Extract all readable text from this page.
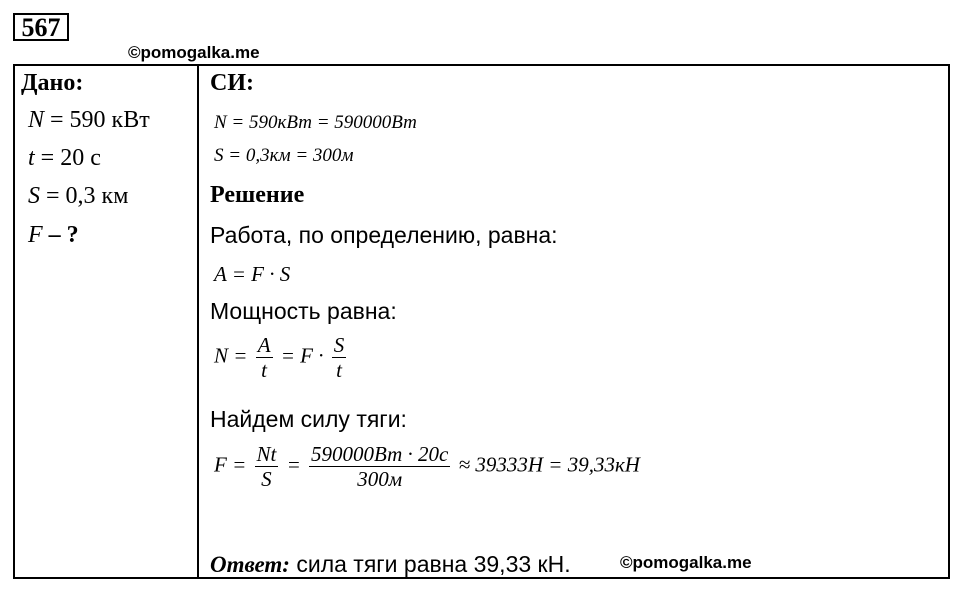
567
©pomogalka.me
Дано:
N = 590 кВт
t = 20 с
S = 0,3 км
F – ?
СИ:
N = 590кВт = 590000Вт
S = 0,3км = 300м
Решение
Работа, по определению, равна:
A = F · S
Мощность равна:
$N = \frac{A}{t} = F \cdot \frac{S}{t}$
Найдем силу тяги:
$F = \frac{Nt}{S} = \frac{590000Вт \cdot 20с}{300м} \approx 39333Н = 39,33кН$
Ответ: сила тяги равна 39,33 кН.	©pomogalka.me
